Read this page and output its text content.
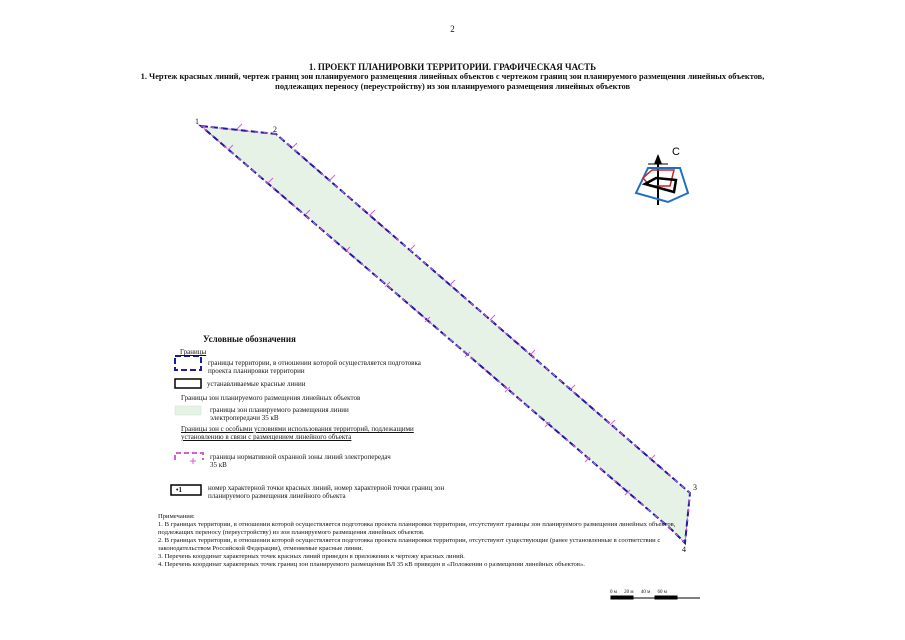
2
1. ПРОЕКТ ПЛАНИРОВКИ ТЕРРИТОРИИ. ГРАФИЧЕСКАЯ ЧАСТЬ
1. Чертеж красных линий, чертеж границ зон планируемого размещения линейных объектов с чертежом границ зон планируемого размещения линейных объектов, подлежащих переносу (переустройству) из зон планируемого размещения линейных объектов
1
2
3
4
С
Условные обозначения
Границы
границы территории, в отношении которой осуществляется подготовка проекта планировки территории
устанавливаемые красные линии
Границы зон планируемого размещения линейных объектов
границы зон планируемого размещения линии электропередачи 35 кВ
Границы зон с особыми условиями использования территорий, подлежащими установлению в связи с размещением линейного объекта
границы нормативной охранной зоны линий электропередач 35 кВ
•1	номер характерной точки красных линий, номер характерной точки границ зон планируемого размещения линейного объекта
Примечания:
1. В границах территории, в отношении которой осуществляется подготовка проекта планировки территории, отсутствуют границы зон планируемого размещения линейных объектов, подлежащих переносу (переустройству) из зон планируемого размещения линейных объектов.
2. В границах территории, в отношении которой осуществляется подготовка проекта планировки территории, отсутствуют существующие (ранее установленные в соответствии с законодательством Российской Федерации), отменяемые красные линии.
3. Перечень координат характерных точек красных линий приведен в приложении к чертежу красных линий.
4. Перечень координат характерных точек границ зон планируемого размещения ВЛ 35 кВ приведен в «Положении о размещении линейных объектов».
0 м 20 м 40 м 60 м
